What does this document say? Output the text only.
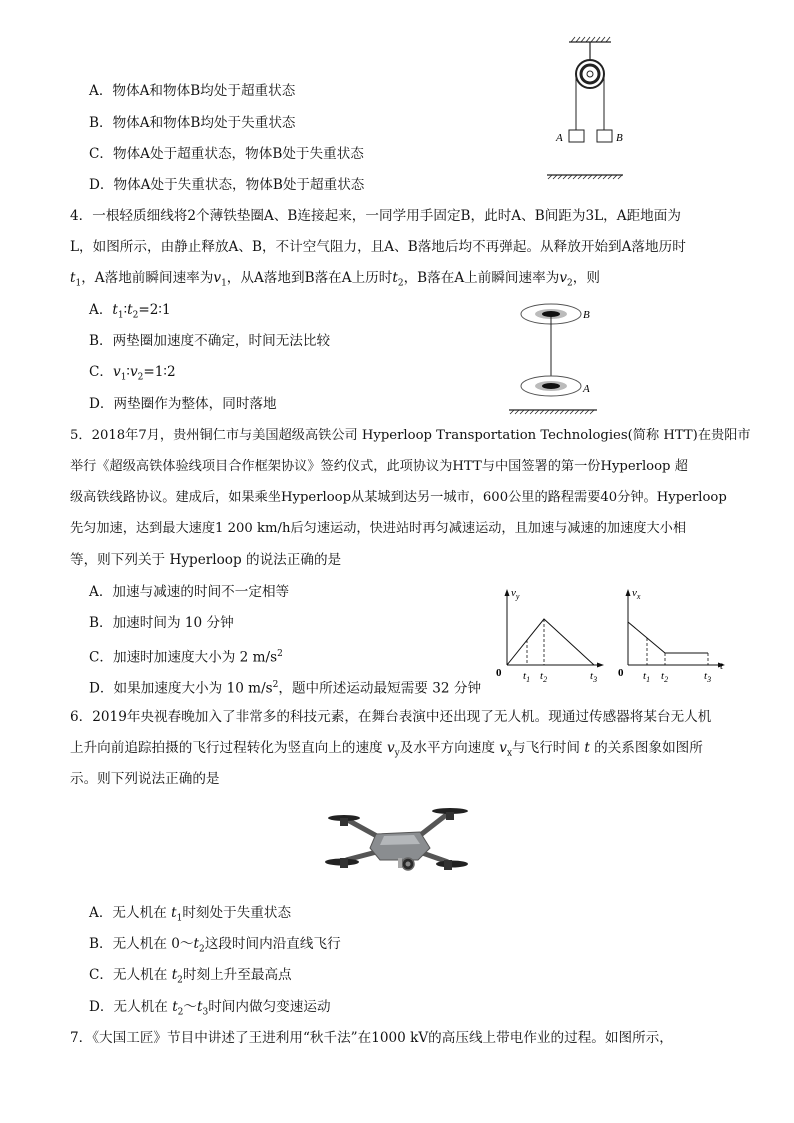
A	B
A．物体A和物体B均处于超重状态
B．物体A和物体B均处于失重状态
C．物体A处于超重状态，物体B处于失重状态
D．物体A处于失重状态，物体B处于超重状态
4．一根轻质细线将2个薄铁垫圈A、B连接起来，一同学用手固定B，此时A、B间距为3L，A距地面为
L，如图所示，由静止释放A、B，不计空气阻力，且A、B落地后均不再弹起。从释放开始到A落地历时
$t_1$，A落地前瞬间速率为$v_1$，从A落地到B落在A上历时$t_2$，B落在A上前瞬间速率为$v_2$，则
B
A
A．$t_1∶t_2=2∶1$
B．两垫圈加速度不确定，时间无法比较
C．$v_1∶v_2=1∶2$
D．两垫圈作为整体，同时落地
5．2018年7月，贵州铜仁市与美国超级高铁公司 Hyperloop Transportation Technologies(简称 HTT)在贵阳市
举行《超级高铁体验线项目合作框架协议》签约仪式，此项协议为HTT与中国签署的第一份Hyperloop 超
级高铁线路协议。建成后，如果乘坐Hyperloop从某城到达另一城市，600公里的路程需要40分钟。Hyperloop
先匀加速，达到最大速度1 200 km/h后匀速运动，快进站时再匀减速运动，且加速与减速的加速度大小相
等，则下列关于 Hyperloop 的说法正确的是
A．加速与减速的时间不一定相等
B．加速时间为 10 分钟
C．加速时加速度大小为 2 $m/s^2$
D．如果加速度大小为 10 $m/s^2$，题中所述运动最短需要 32 分钟
$v_y$
0 $t_1$ $t_2$	$t_3$
$v_x$
0
t
$t_1$ $t_2$	$t_3$
6．2019年央视春晚加入了非常多的科技元素，在舞台表演中还出现了无人机。现通过传感器将某台无人机
上升向前追踪拍摄的飞行过程转化为竖直向上的速度 $v_y$及水平方向速度 $v_x$与飞行时间 t 的关系图象如图所
示。则下列说法正确的是
A．无人机在 $t_1$时刻处于失重状态
B．无人机在 $0\sim t_2$这段时间内沿直线飞行
C．无人机在 $t_2$时刻上升至最高点
D．无人机在 $t_2\sim t_3$时间内做匀变速运动
7．《大国工匠》节目中讲述了王进利用“秋千法”在1000 kV的高压线上带电作业的过程。如图所示，
